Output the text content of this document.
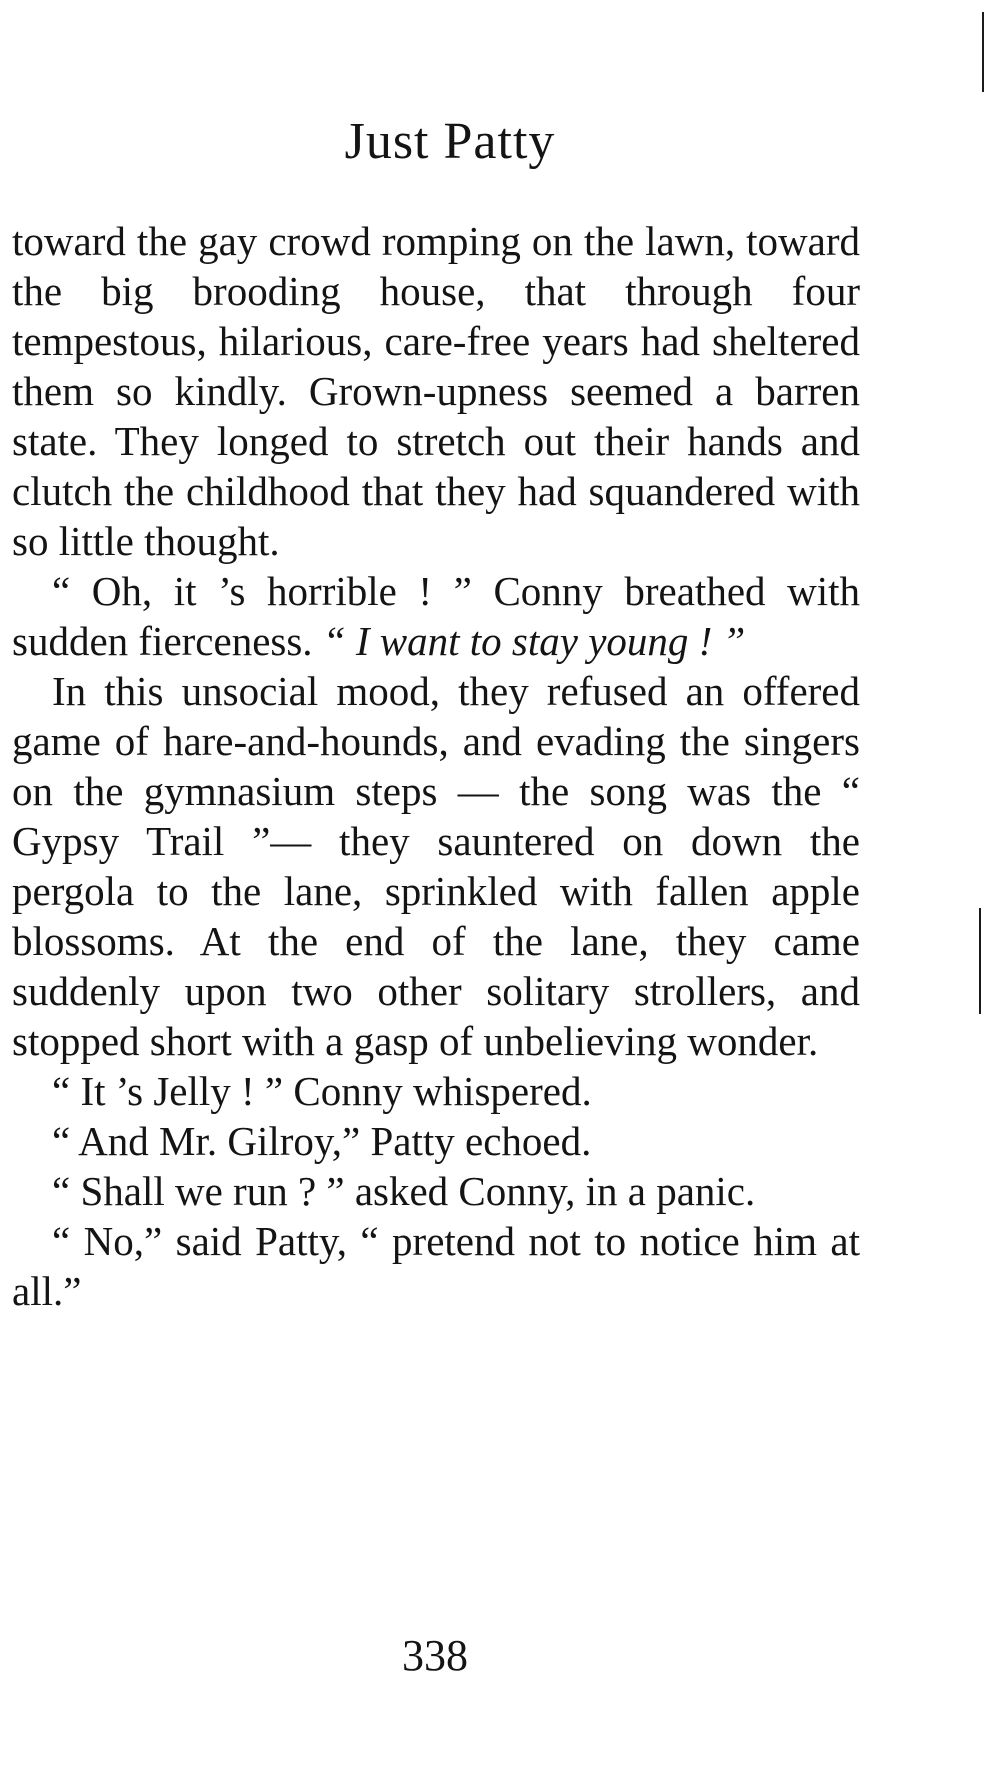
Just Patty

toward the gay crowd romping on the lawn, toward the big brooding house, that through four tempestous, hilarious, care-free years had sheltered them so kindly. Grown-upness seemed a barren state. They longed to stretch out their hands and clutch the childhood that they had squandered with so little thought.

“ Oh, it ’s horrible ! ” Conny breathed with sudden fierceness. “ I want to stay young ! ”

In this unsocial mood, they refused an offered game of hare-and-hounds, and evading the singers on the gymnasium steps — the song was the “ Gypsy Trail ”— they sauntered on down the pergola to the lane, sprinkled with fallen apple blossoms. At the end of the lane, they came suddenly upon two other solitary strollers, and stopped short with a gasp of unbelieving wonder.

“ It ’s Jelly ! ” Conny whispered.

“ And Mr. Gilroy,” Patty echoed.

“ Shall we run ? ” asked Conny, in a panic.

“ No,” said Patty, “ pretend not to notice him at all.”

338
